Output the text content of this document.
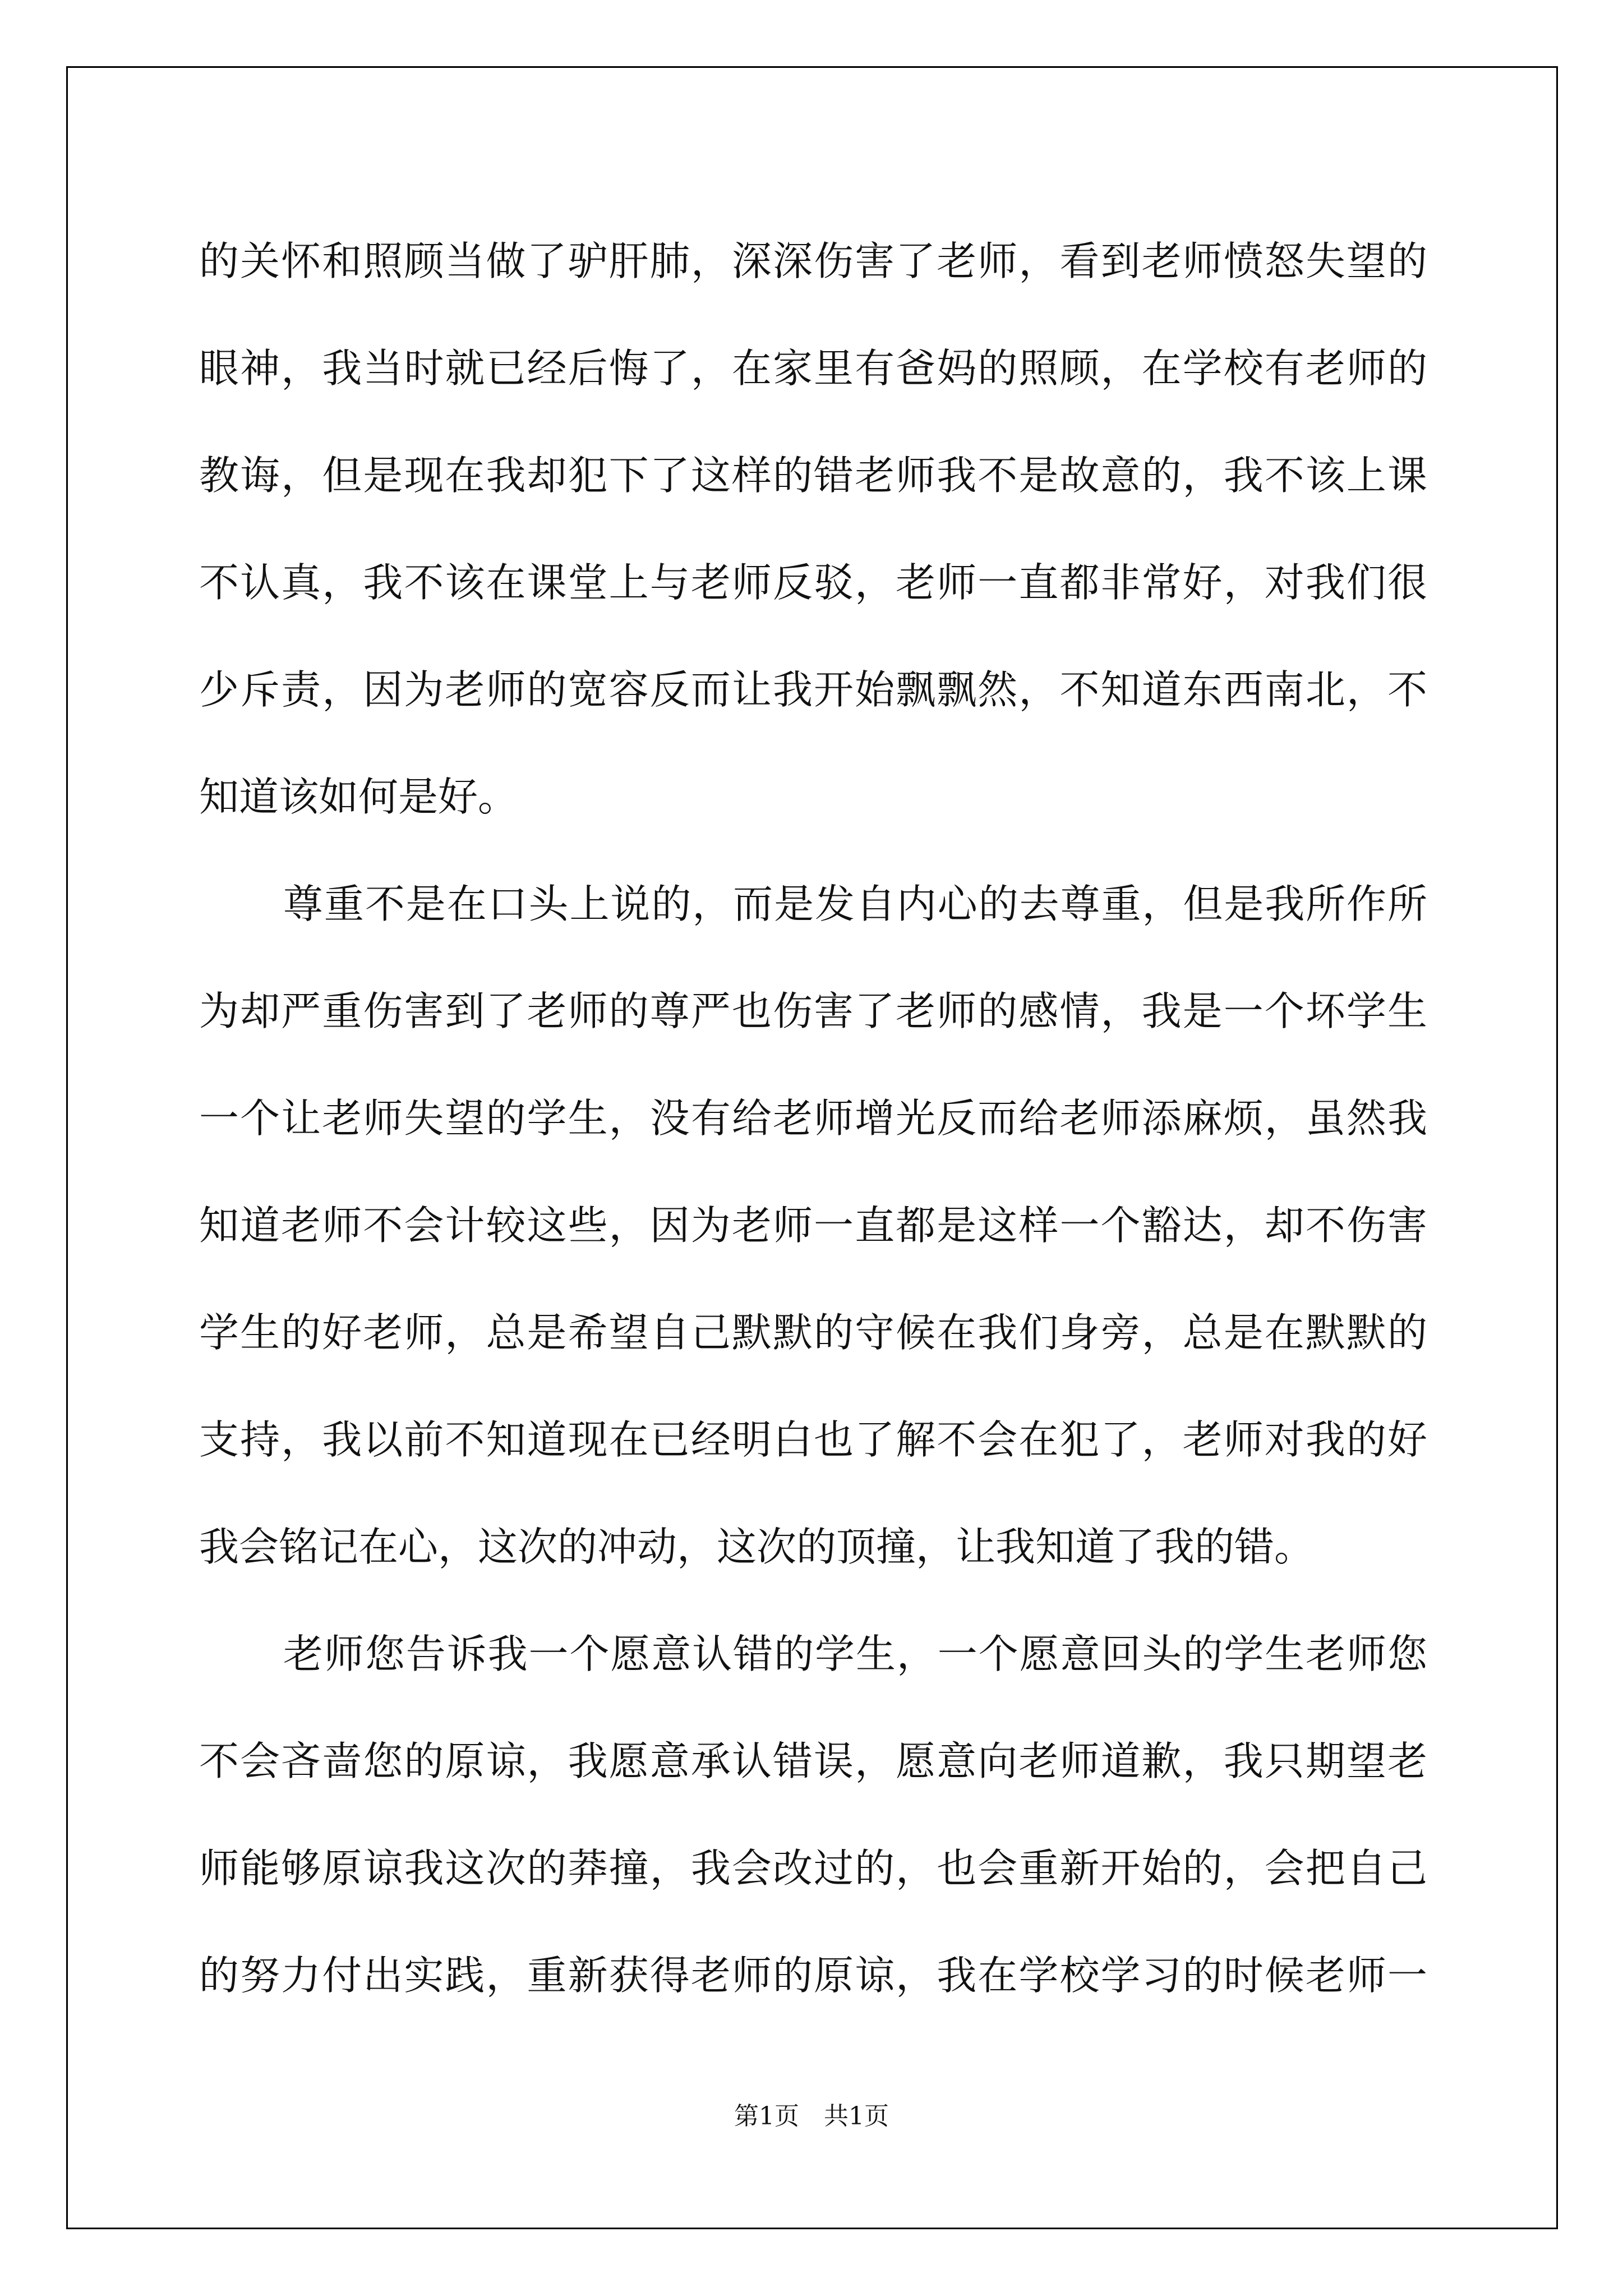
的关怀和照顾当做了驴肝肺，深深伤害了老师，看到老师愤怒失望的
眼神，我当时就已经后悔了，在家里有爸妈的照顾，在学校有老师的
教诲，但是现在我却犯下了这样的错老师我不是故意的，我不该上课
不认真，我不该在课堂上与老师反驳，老师一直都非常好，对我们很
少斥责，因为老师的宽容反而让我开始飘飘然，不知道东西南北，不
知道该如何是好。
尊重不是在口头上说的，而是发自内心的去尊重，但是我所作所
为却严重伤害到了老师的尊严也伤害了老师的感情，我是一个坏学生
一个让老师失望的学生，没有给老师增光反而给老师添麻烦，虽然我
知道老师不会计较这些，因为老师一直都是这样一个豁达，却不伤害
学生的好老师，总是希望自己默默的守候在我们身旁，总是在默默的
支持，我以前不知道现在已经明白也了解不会在犯了，老师对我的好
我会铭记在心，这次的冲动，这次的顶撞，让我知道了我的错。
老师您告诉我一个愿意认错的学生，一个愿意回头的学生老师您
不会吝啬您的原谅，我愿意承认错误，愿意向老师道歉，我只期望老
师能够原谅我这次的莽撞，我会改过的，也会重新开始的，会把自己
的努力付出实践，重新获得老师的原谅，我在学校学习的时候老师一
第1页　共1页
